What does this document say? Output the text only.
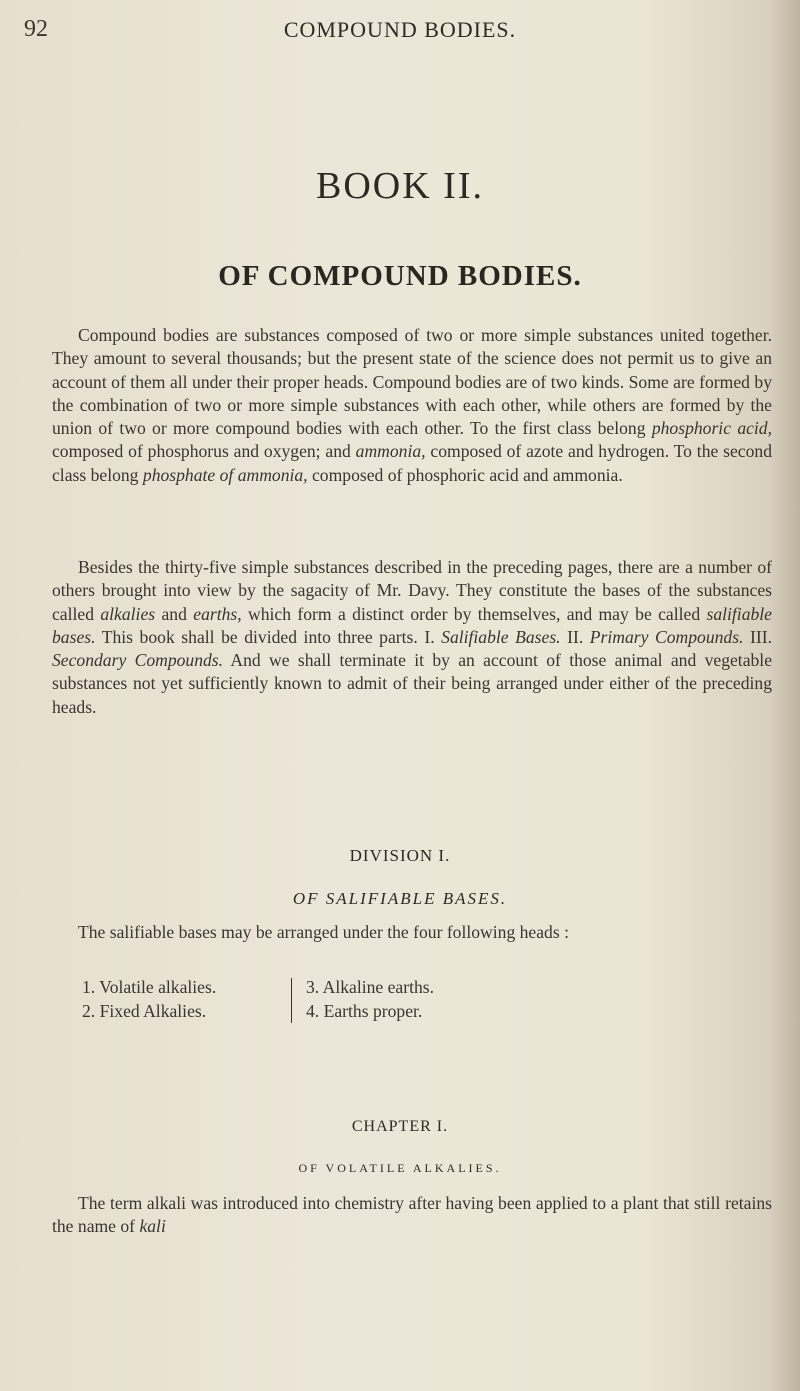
92	COMPOUND BODIES.
BOOK II.
OF COMPOUND BODIES.

Compound bodies are substances composed of two or more simple substances united together. They amount to several thousands; but the present state of the science does not permit us to give an account of them all under their proper heads. Compound bodies are of two kinds. Some are formed by the combination of two or more simple substances with each other, while others are formed by the union of two or more compound bodies with each other. To the first class belong phosphoric acid, composed of phosphorus and oxygen; and ammonia, composed of azote and hydrogen. To the second class belong phosphate of ammonia, composed of phosphoric acid and ammonia.

Besides the thirty-five simple substances described in the preceding pages, there are a number of others brought into view by the sagacity of Mr. Davy. They constitute the bases of the substances called alkalies and earths, which form a distinct order by themselves, and may be called salifiable bases. This book shall be divided into three parts. I. Salifiable Bases. II. Primary Compounds. III. Secondary Compounds. And we shall terminate it by an account of those animal and vegetable substances not yet sufficiently known to admit of their being arranged under either of the preceding heads.

DIVISION I.
OF SALIFIABLE BASES.

The salifiable bases may be arranged under the four following heads :

1. Volatile alkalies.
2. Fixed Alkalies.
3. Alkaline earths.
4. Earths proper.
CHAPTER I.
OF VOLATILE ALKALIES.

The term alkali was introduced into chemistry after having been applied to a plant that still retains the name of kali
